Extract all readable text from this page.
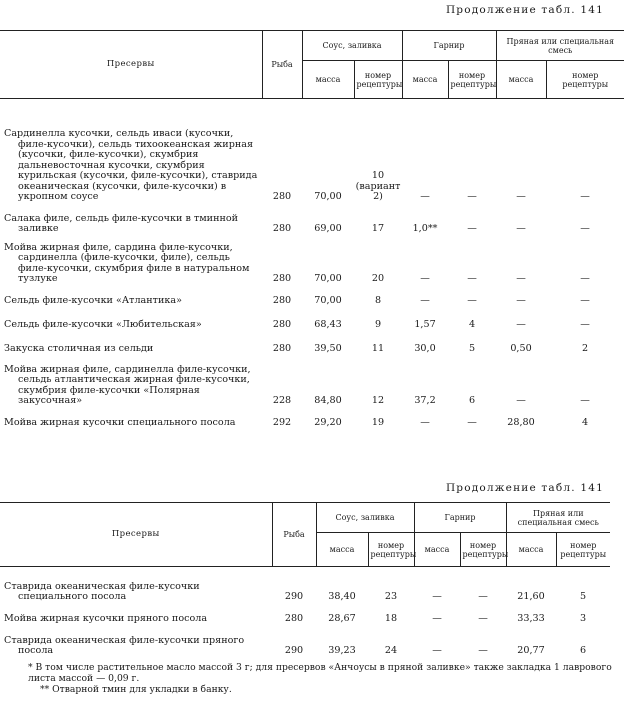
Продолжение табл. 141
Пресервы	Рыба	Соус, заливка		Гарнир		Пряная или специальная смесь	
		масса	номер рецептуры	масса	номер рецептуры	масса	номер рецептуры

Сардинелла кусочки, сельдь иваси (кусочки, филе-кусочки), сельдь тихоокеанская жирная (кусочки, филе-кусочки), скумбрия дальневосточная кусочки, скумбрия курильская (кусочки, филе-кусочки), ставрида океаническая (кусочки, филе-кусочки) в укропном соусе	280	70,00	10 (вариант 2)	—	—	—	—

Салака филе, сельдь филе-кусочки в тминной заливке	280	69,00	17	1,0**	—	—	—

Мойва жирная филе, сардина филе-кусочки, сардинелла (филе-кусочки, филе), сельдь филе-кусочки, скумбрия филе в натуральном тузлуке	280	70,00	20	—	—	—	—

Сельдь филе-кусочки «Атлантика»	280	70,00	8	—	—	—	—

Сельдь филе-кусочки «Любительская»	280	68,43	9	1,57	4	—	—

Закуска столичная из сельди	280	39,50	11	30,0	5	0,50	2

Мойва жирная филе, сардинелла филе-кусочки, сельдь атлантическая жирная филе-кусочки, скумбрия филе-кусочки «Полярная закусочная»	228	84,80	12	37,2	6	—	—

Мойва жирная кусочки специального посола	292	29,20	19	—	—	28,80	4
Продолжение табл. 141
Пресервы	Рыба	Соус, заливка		Гарнир		Пряная или специальная смесь	
		масса	номер рецептуры	масса	номер рецептуры	масса	номер рецептуры

Ставрида океаническая филе-кусочки специального посола	290	38,40	23	—	—	21,60	5

Мойва жирная кусочки пряного посола	280	28,67	18	—	—	33,33	3

Ставрида океаническая филе-кусочки пряного посола	290	39,23	24	—	—	20,77	6
* В том числе растительное масло массой 3 г; для пресервов «Анчоусы в пряной заливке» также закладка 1 лаврового листа массой — 0,09 г.
** Отварной тмин для укладки в банку.
